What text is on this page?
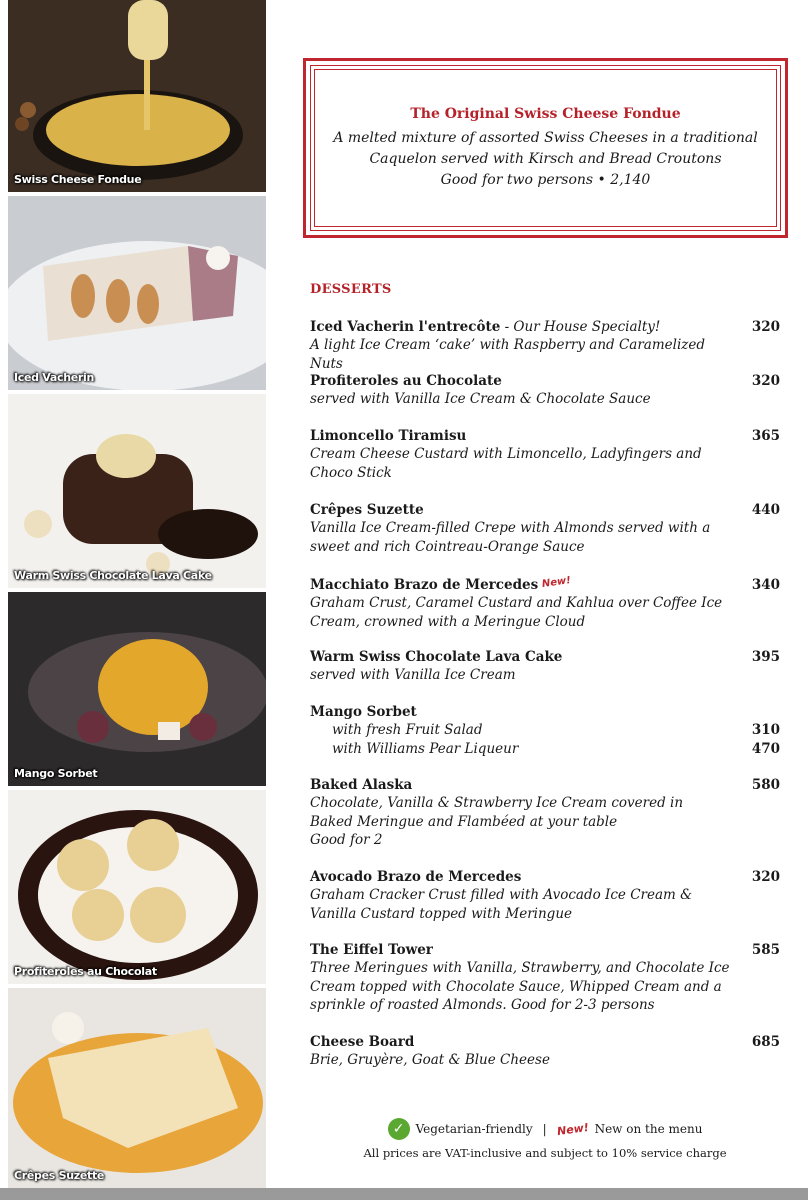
Swiss Cheese Fondue
Iced Vacherin
Warm Swiss Chocolate Lava Cake
Mango Sorbet
Profiteroles au Chocolat
Crêpes Suzette
The Original Swiss Cheese Fondue
A melted mixture of assorted Swiss Cheeses in a traditional
Caquelon served with Kirsch and Bread Croutons
Good for two persons • 2,140
DESSERTS
Iced Vacherin l'entrecôte - Our House Specialty!	320
A light Ice Cream ‘cake’ with Raspberry and Caramelized Nuts
Profiteroles au Chocolate	320
served with Vanilla Ice Cream & Chocolate Sauce
Limoncello Tiramisu	365
Cream Cheese Custard with Limoncello, Ladyfingers and Choco Stick
Crêpes Suzette	440
Vanilla Ice Cream-filled Crepe with Almonds served with a sweet and rich Cointreau-Orange Sauce
Macchiato Brazo de Mercedes New!	340
Graham Crust, Caramel Custard and Kahlua over Coffee Ice Cream, crowned with a Meringue Cloud
Warm Swiss Chocolate Lava Cake	395
served with Vanilla Ice Cream
Mango Sorbet
with fresh Fruit Salad	310
with Williams Pear Liqueur	470
Baked Alaska	580
Chocolate, Vanilla & Strawberry Ice Cream covered in Baked Meringue and Flambéed at your table
Good for 2
Avocado Brazo de Mercedes	320
Graham Cracker Crust filled with Avocado Ice Cream & Vanilla Custard topped with Meringue
The Eiffel Tower	585
Three Meringues with Vanilla, Strawberry, and Chocolate Ice Cream topped with Chocolate Sauce, Whipped Cream and a sprinkle of roasted Almonds. Good for 2-3 persons
Cheese Board	685
Brie, Gruyère, Goat & Blue Cheese
✓ Vegetarian-friendly | New! New on the menu
All prices are VAT-inclusive and subject to 10% service charge
